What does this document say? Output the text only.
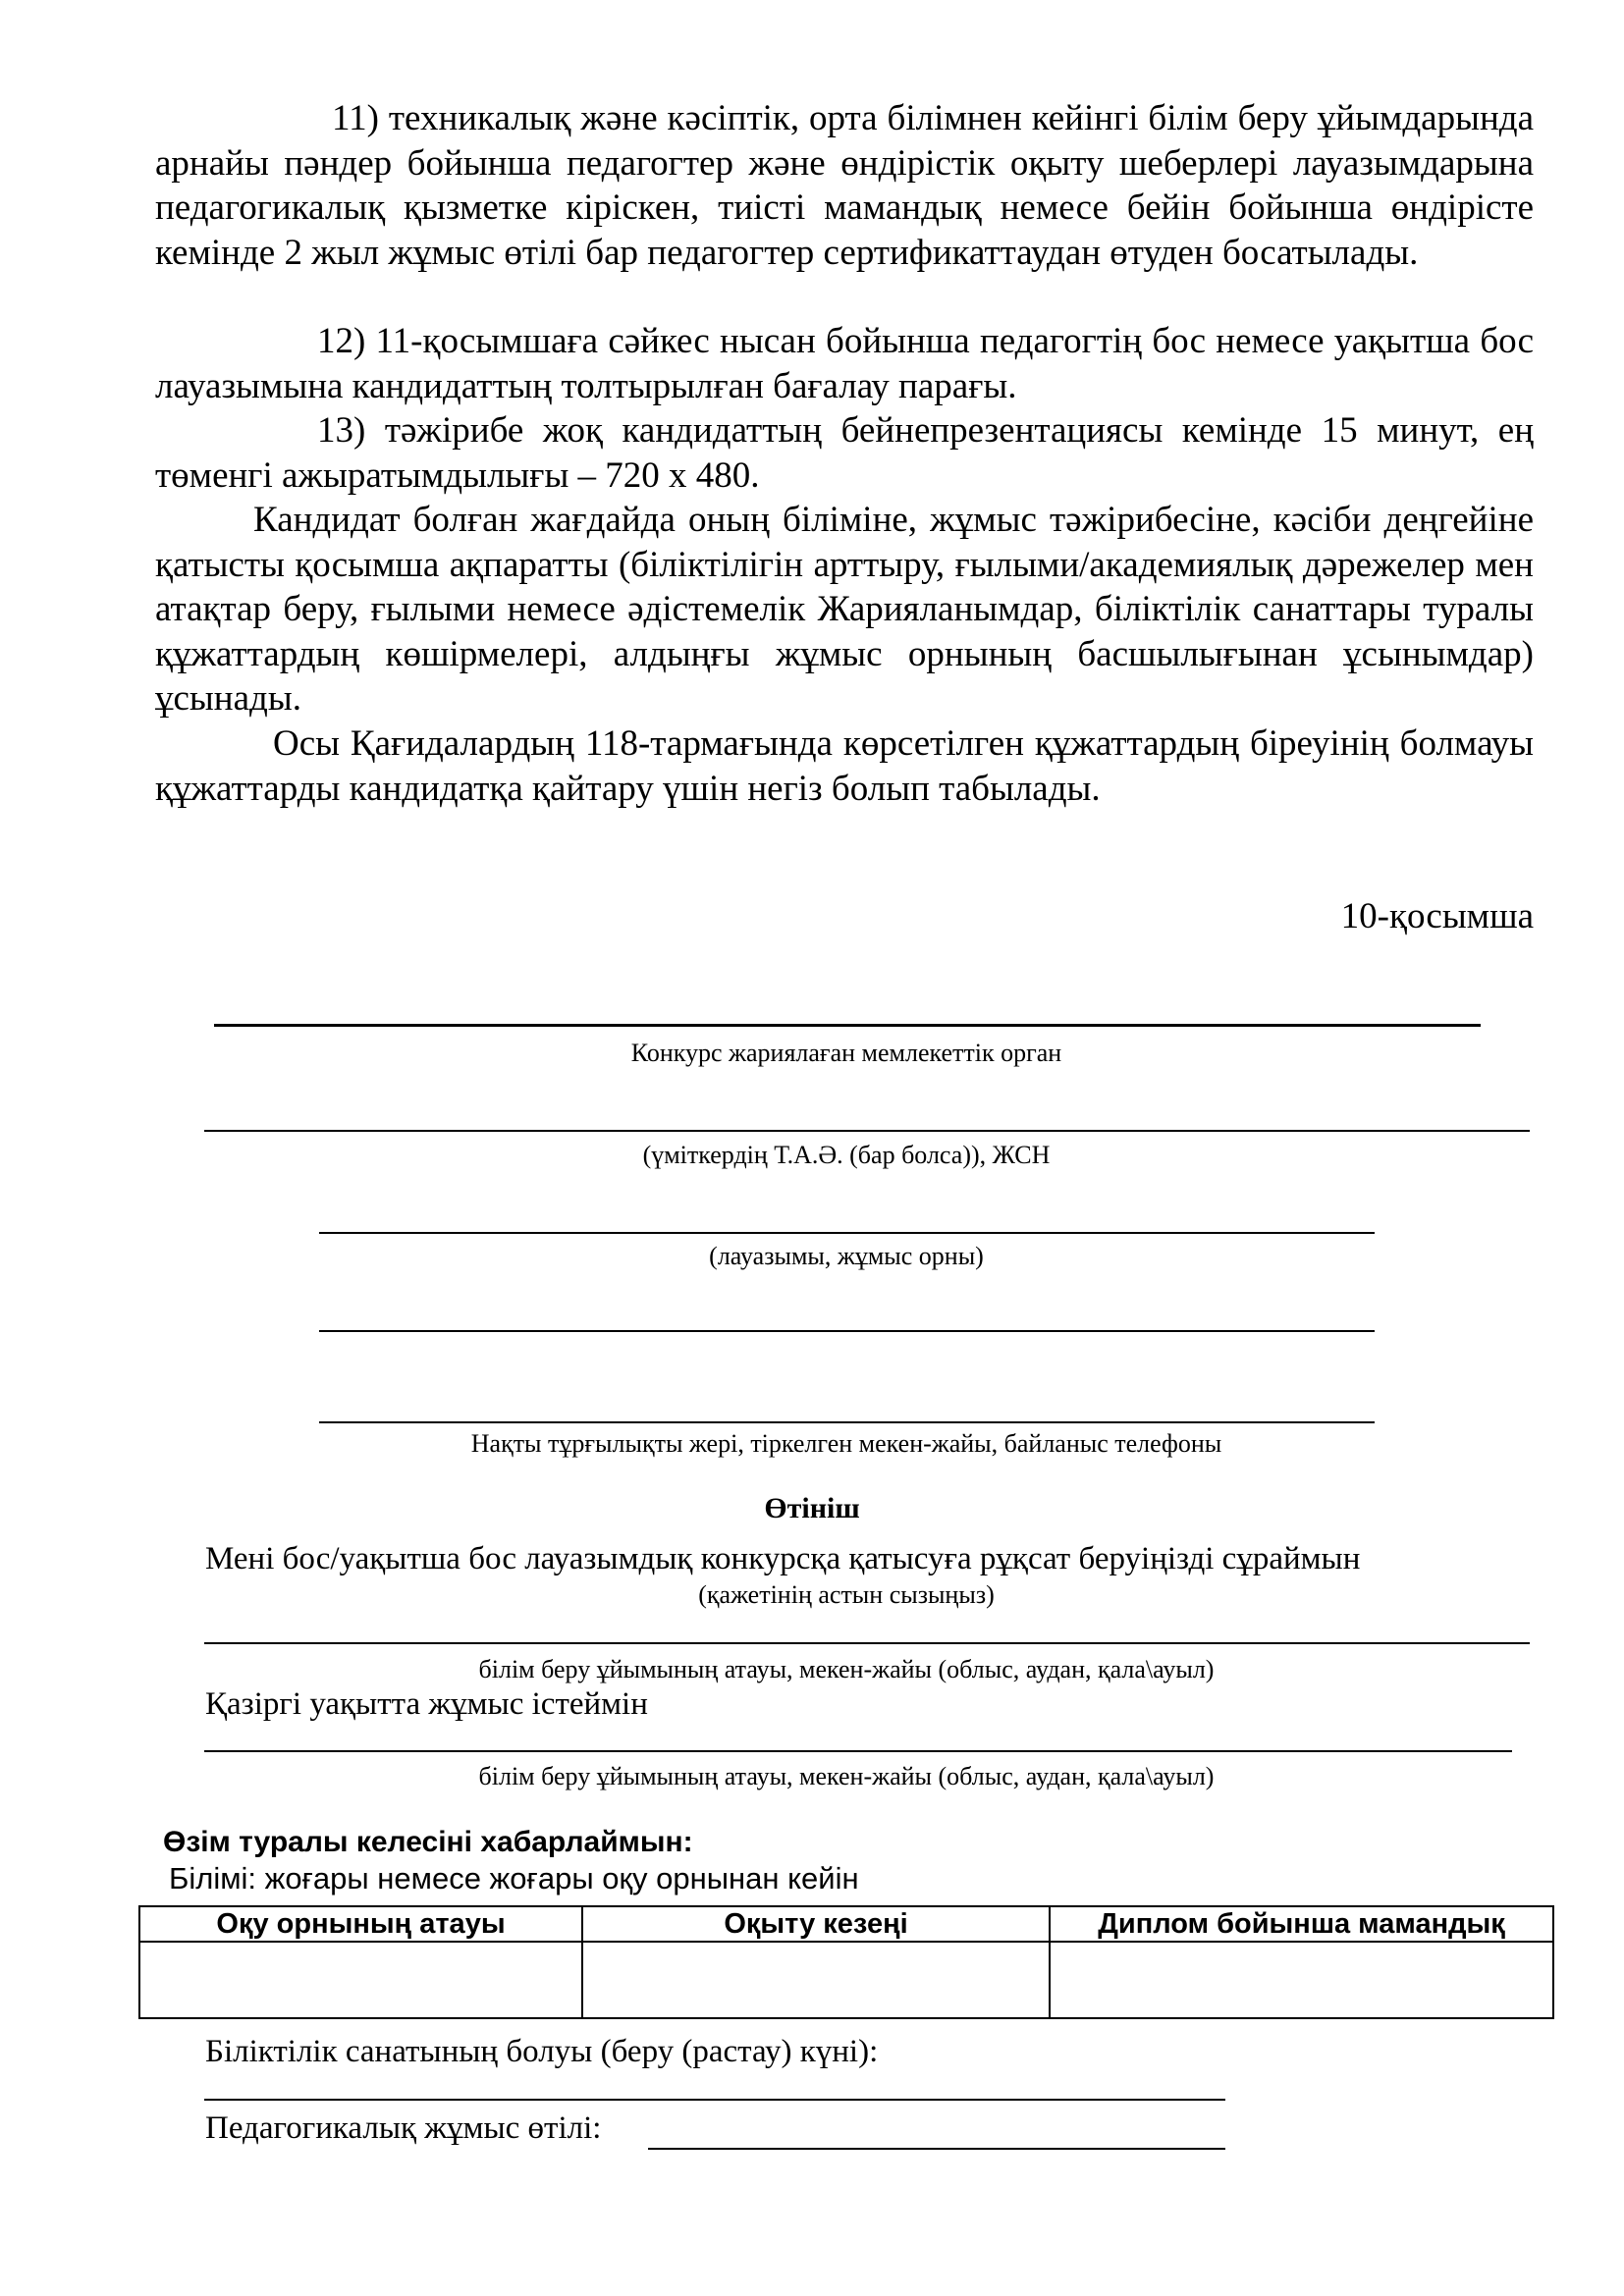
11) техникалық және кәсіптік, орта білімнен кейінгі білім беру ұйымдарында арнайы пәндер бойынша педагогтер және өндірістік оқыту шеберлері лауазымдарына педагогикалық қызметке кірiскен, тиісті мамандық немесе бейін бойынша өндірісте кемінде 2 жыл жұмыс өтілі бар педагогтер сертификаттаудан өтуден босатылады.

12) 11-қосымшаға сәйкес нысан бойынша педагогтің бос немесе уақытша бос лауазымына кандидаттың толтырылған бағалау парағы.

13) тәжірибе жоқ кандидаттың бейнепрезентациясы кемінде 15 минут, ең төменгі ажыратымдылығы – 720 x 480.

Кандидат болған жағдайда оның біліміне, жұмыс тәжірибесіне, кәсіби деңгейіне қатысты қосымша ақпаратты (біліктілігін арттыру, ғылыми/академиялық дәрежелер мен атақтар беру, ғылыми немесе әдістемелік Жарияланымдар, біліктілік санаттары туралы құжаттардың көшірмелері, алдыңғы жұмыс орнының басшылығынан ұсынымдар) ұсынады.

Осы Қағидалардың 118-тармағында көрсетілген құжаттардың біреуінің болмауы құжаттарды кандидатқа қайтару үшін негіз болып табылады.

10-қосымша

Конкурс жариялаған мемлекеттік орган

(үміткердің Т.А.Ә. (бар болса)), ЖСН

(лауазымы, жұмыс орны)

Нақты тұрғылықты жері, тіркелген мекен-жайы, байланыс телефоны

Өтініш

Мені бос/уақытша бос лауазымдық конкурсқа қатысуға рұқсат беруіңізді сұраймын

(қажетінің астын сызыңыз)

білім беру ұйымының атауы, мекен-жайы (облыс, аудан, қала\ауыл)

Қазіргі уақытта жұмыс істеймін

білім беру ұйымының атауы, мекен-жайы (облыс, аудан, қала\ауыл)

Өзім туралы келесіні хабарлаймын:

Білімі: жоғары немесе жоғары оқу орнынан кейін

Оқу орнының атауы	Оқыту кезеңі	Диплом бойынша мамандық

Біліктілік санатының болуы (беру (растау) күні):

Педагогикалық жұмыс өтілі:
